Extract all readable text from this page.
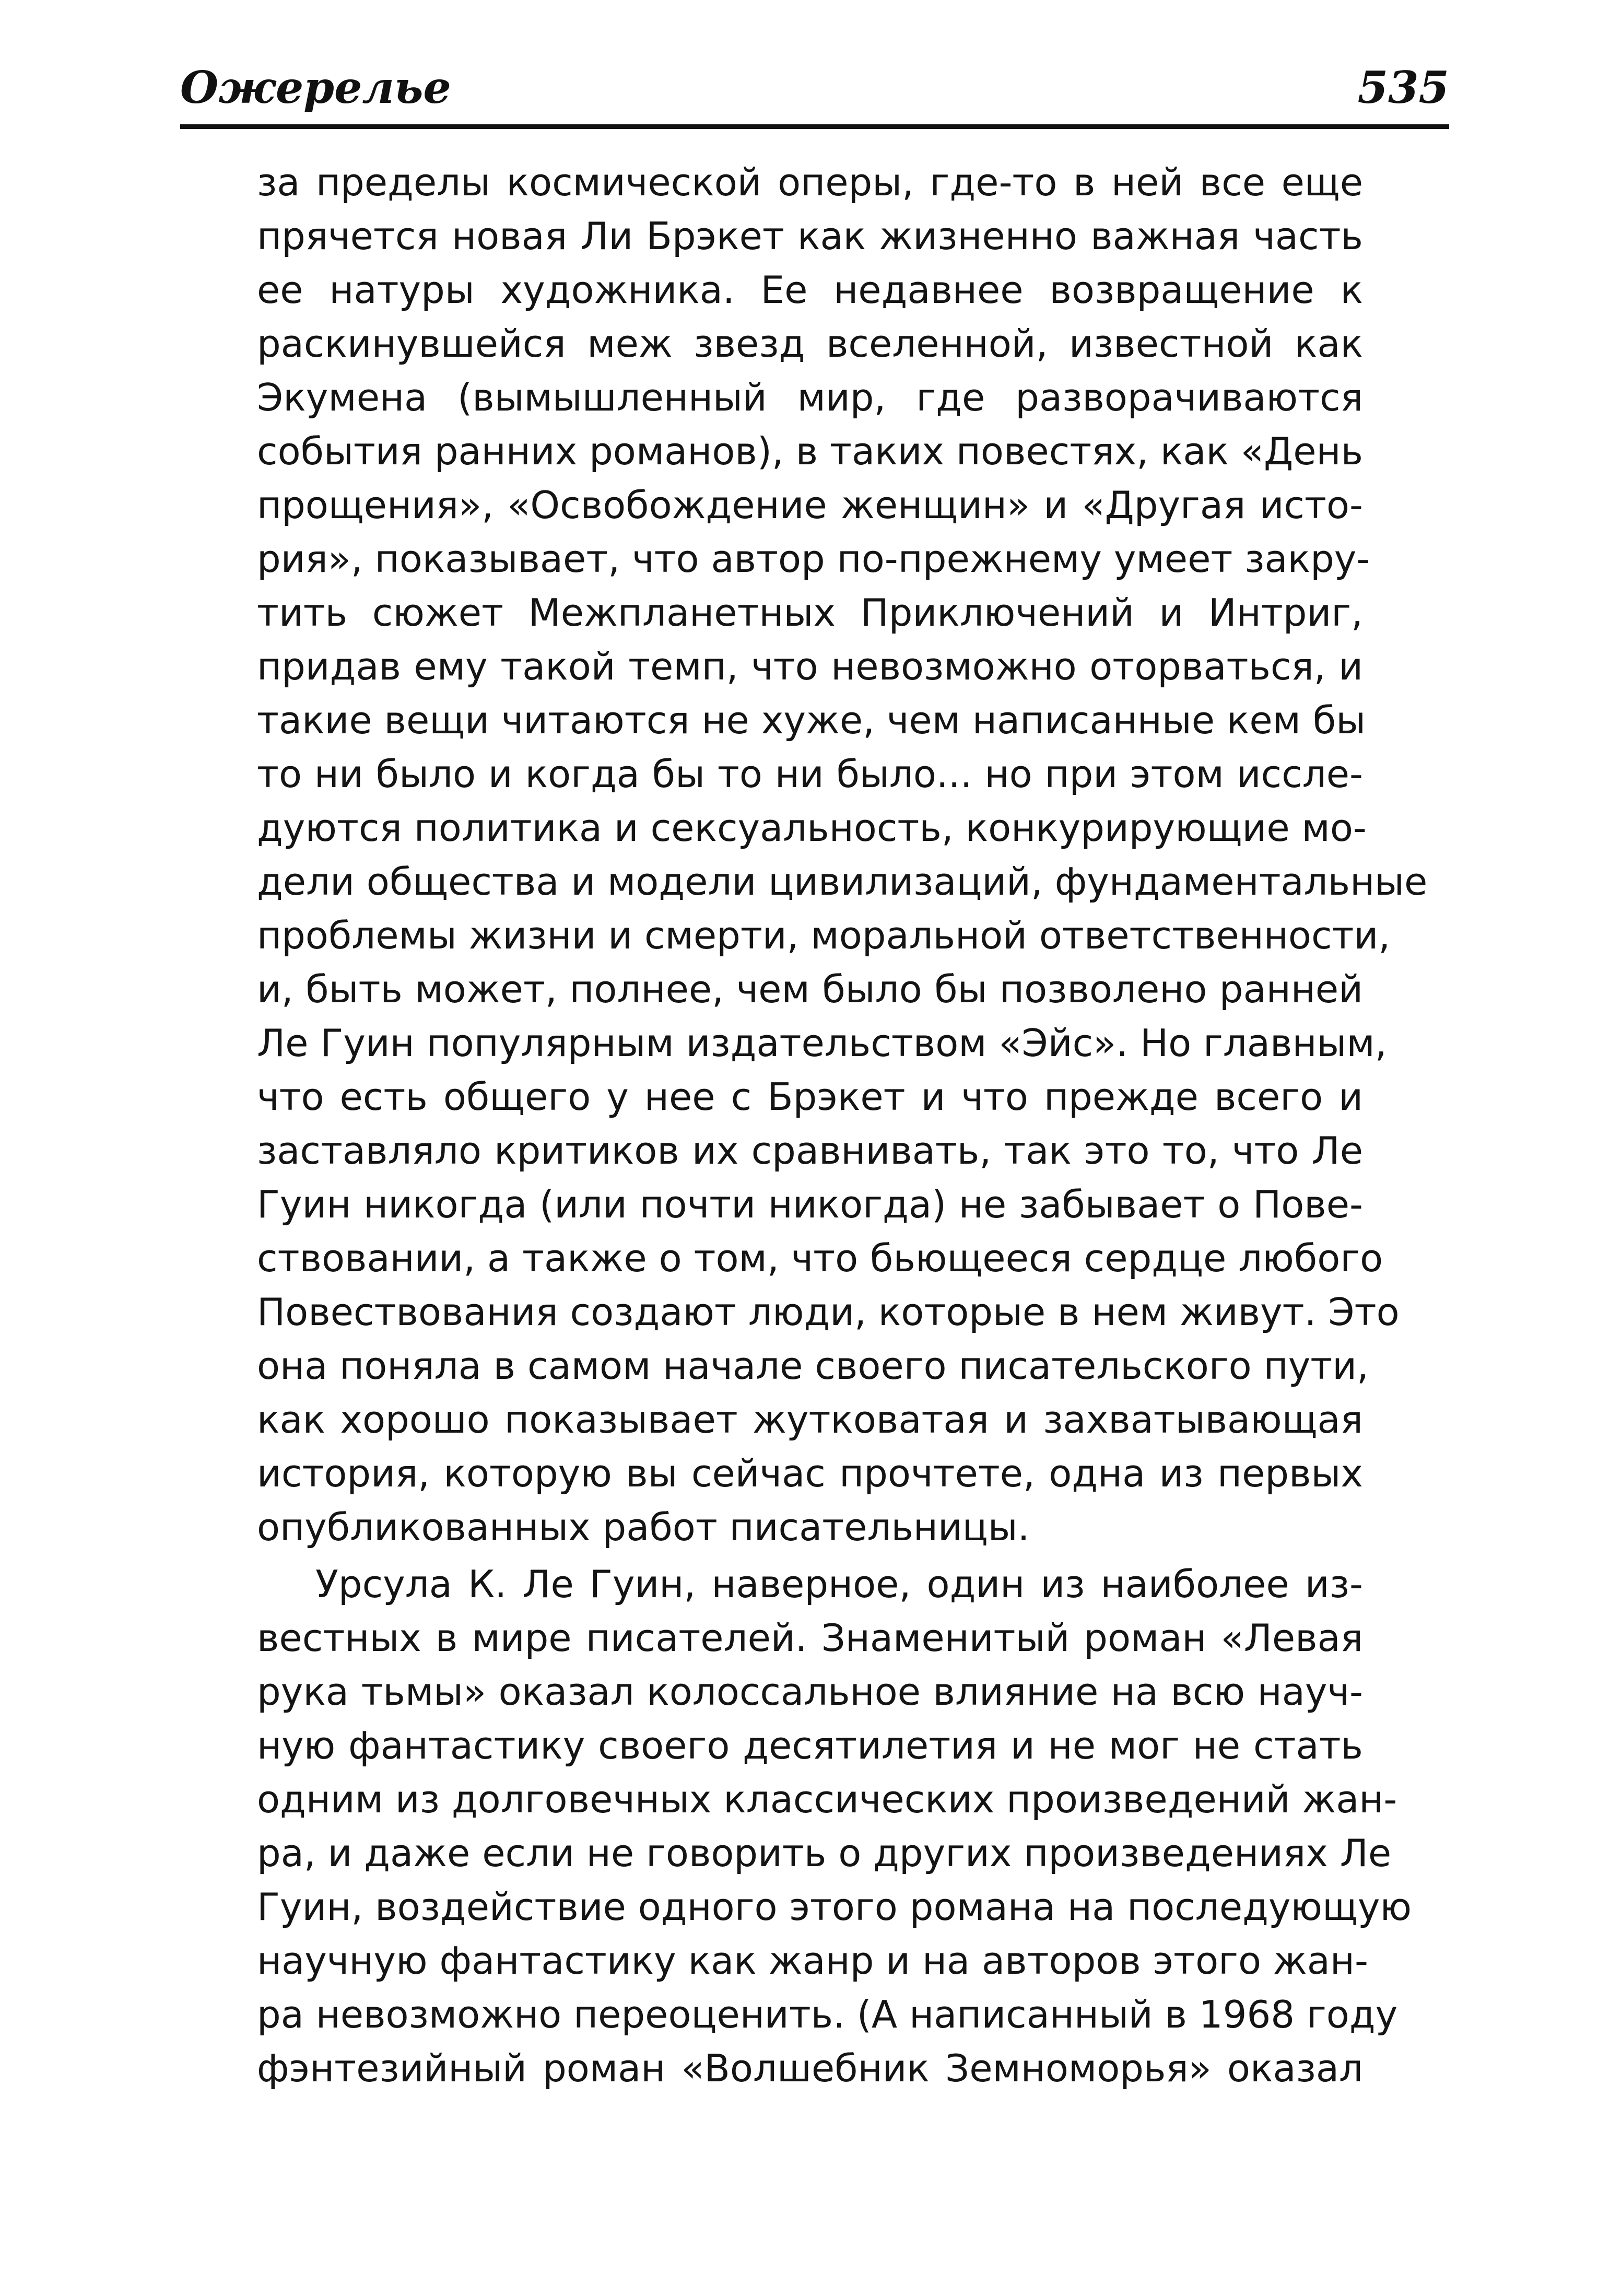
Ожерелье	535
за пределы космической оперы, где-то в ней все еще
прячется новая Ли Брэкет как жизненно важная часть
ее натуры художника. Ее недавнее возвращение к
раскинувшейся меж звезд вселенной, известной как
Экумена (вымышленный мир, где разворачиваются
события ранних романов), в таких повестях, как «День
прощения», «Освобождение женщин» и «Другая исто-
рия», показывает, что автор по-прежнему умеет закру-
тить сюжет Межпланетных Приключений и Интриг,
придав ему такой темп, что невозможно оторваться, и
такие вещи читаются не хуже, чем написанные кем бы
то ни было и когда бы то ни было... но при этом иссле-
дуются политика и сексуальность, конкурирующие мо-
дели общества и модели цивилизаций, фундаментальные
проблемы жизни и смерти, моральной ответственности,
и, быть может, полнее, чем было бы позволено ранней
Ле Гуин популярным издательством «Эйс». Но главным,
что есть общего у нее с Брэкет и что прежде всего и
заставляло критиков их сравнивать, так это то, что Ле
Гуин никогда (или почти никогда) не забывает о Пове-
ствовании, а также о том, что бьющееся сердце любого
Повествования создают люди, которые в нем живут. Это
она поняла в самом начале своего писательского пути,
как хорошо показывает жутковатая и захватывающая
история, которую вы сейчас прочтете, одна из первых
опубликованных работ писательницы.
Урсула К. Ле Гуин, наверное, один из наиболее из-
вестных в мире писателей. Знаменитый роман «Левая
рука тьмы» оказал колоссальное влияние на всю науч-
ную фантастику своего десятилетия и не мог не стать
одним из долговечных классических произведений жан-
ра, и даже если не говорить о других произведениях Ле
Гуин, воздействие одного этого романа на последующую
научную фантастику как жанр и на авторов этого жан-
ра невозможно переоценить. (А написанный в 1968 году
фэнтезийный роман «Волшебник Земноморья» оказал
